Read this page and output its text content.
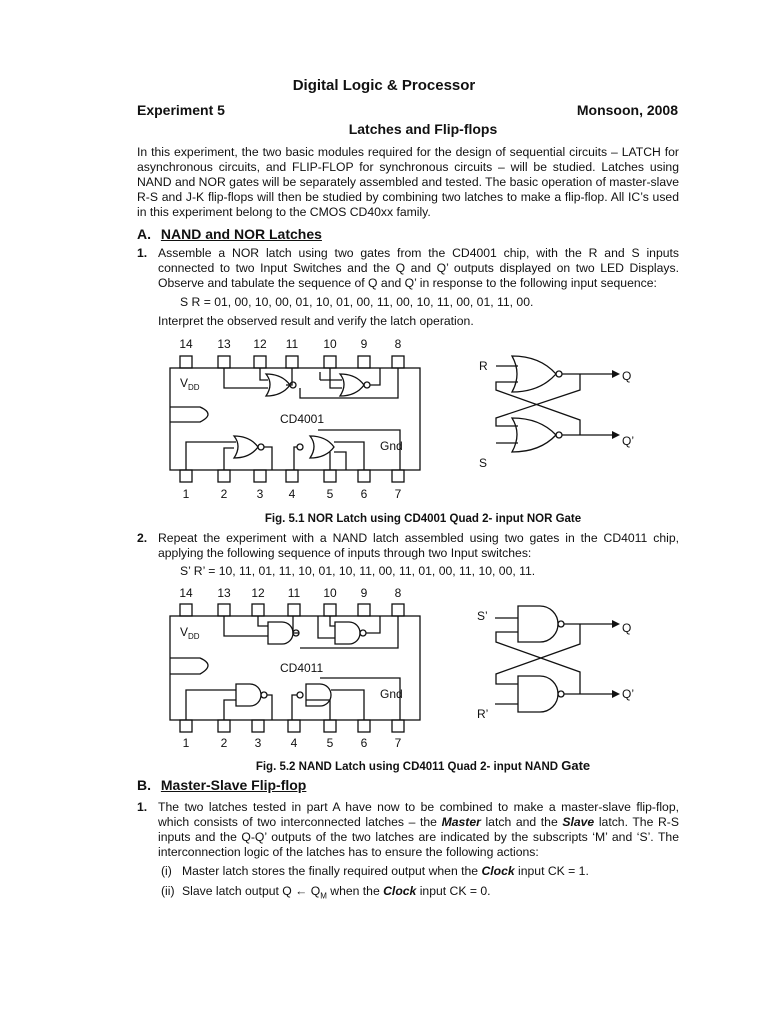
Digital Logic & Processor
Experiment 5	Monsoon, 2008
Latches and Flip-flops
In this experiment, the two basic modules required for the design of sequential circuits – LATCH for asynchronous circuits, and FLIP-FLOP for synchronous circuits – will be studied. Latches using NAND and NOR gates will be separately assembled and tested. The basic operation of master-slave R-S and J-K flip-flops will then be studied by combining two latches to make a flip-flop. All IC’s used in this experiment belong to the CMOS CD40xx family.
A. NAND and NOR Latches
1. Assemble a NOR latch using two gates from the CD4001 chip, with the R and S inputs connected to two Input Switches and the Q and Q’ outputs displayed on two LED Displays. Observe and tabulate the sequence of Q and Q’ in response to the following input sequence:
S R = 01, 00, 10, 00, 01, 10, 01, 00, 11, 00, 10, 11, 00, 01, 11, 00.
Interpret the observed result and verify the latch operation.
$V_{DD}$
CD4001
Gnd
R
S
Q
Q’
14 13 12 11 10 9 8
1	2 3 4	5 6 7
Fig. 5.1 NOR Latch using CD4001 Quad 2- input NOR Gate
2. Repeat the experiment with a NAND latch assembled using two gates in the CD4011 chip, applying the following sequence of inputs through two Input switches:
S’ R’ = 10, 11, 01, 11, 10, 01, 10, 11, 00, 11, 01, 00, 11, 10, 00, 11.
$V_{DD}$
CD4011
Gnd
S’
R’
Q
Q’
14 13 12 11 10 9 8
1	2 3 4 5 6 7
Fig. 5.2 NAND Latch using CD4011 Quad 2- input NAND Gate
B. Master-Slave Flip-flop
1. The two latches tested in part A have now to be combined to make a master-slave flip-flop, which consists of two interconnected latches – the Master latch and the Slave latch. The R-S inputs and the Q-Q’ outputs of the two latches are indicated by the subscripts ‘M’ and ‘S’. The interconnection logic of the latches has to ensure the following actions:
(i) Master latch stores the finally required output when the Clock input CK = 1.
(ii) Slave latch output Q ← $Q_M$ when the Clock input CK = 0.
